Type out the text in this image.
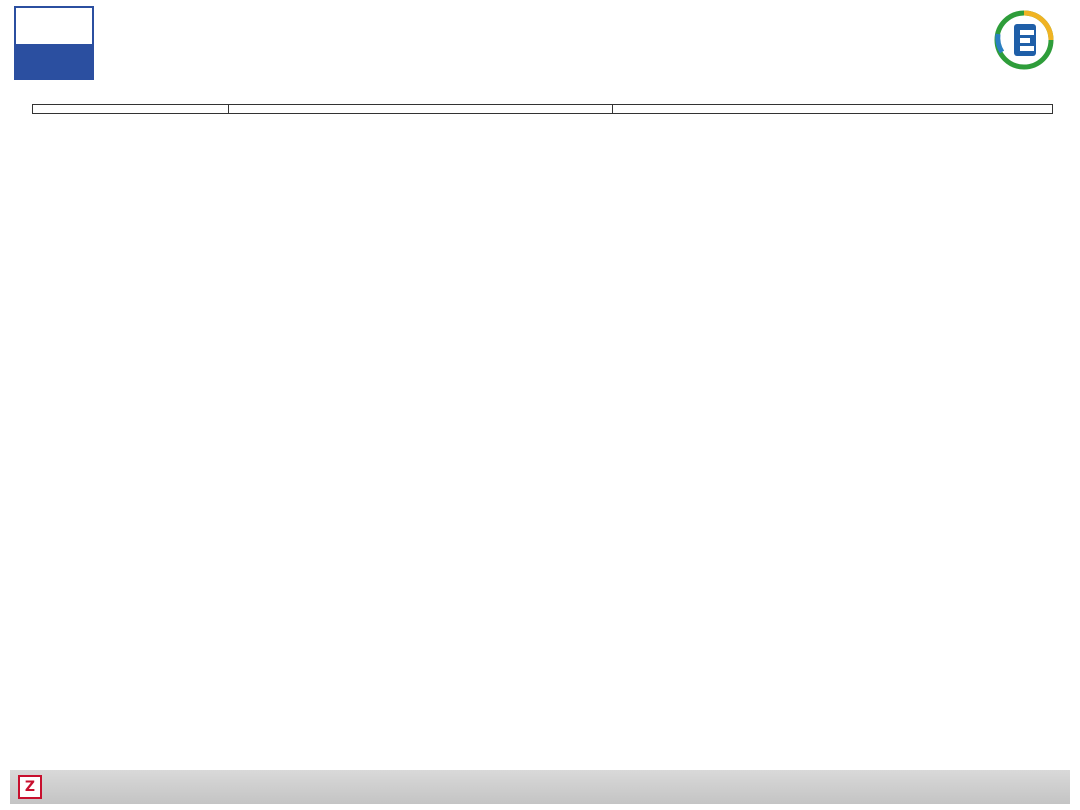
Z
